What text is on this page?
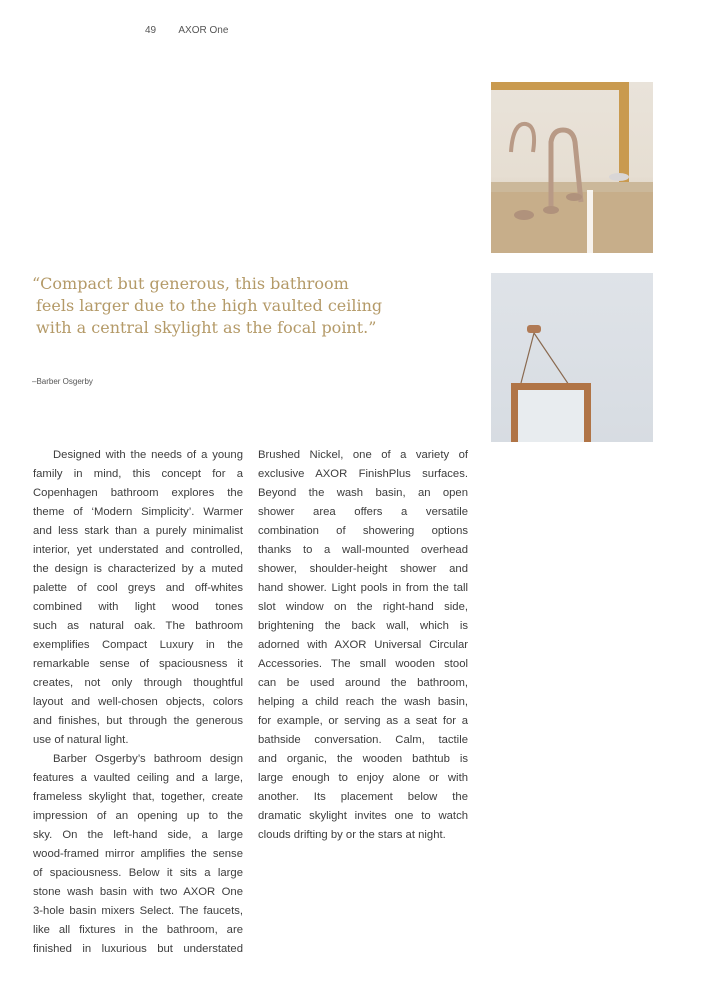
49 AXOR One
“Compact but generous, this bathroom
feels larger due to the high vaulted ceiling
with a central skylight as the focal point.”
–Barber Osgerby
Designed with the needs of a young
family in mind, this concept for a
Copenhagen bathroom explores the
theme of ‘Modern Simplicity’. Warmer
and less stark than a purely minimalist
interior, yet understated and controlled,
the design is characterized by a muted
palette of cool greys and off-whites
combined with light wood tones
such as natural oak. The bathroom
exemplifies Compact Luxury in the
remarkable sense of spaciousness it
creates, not only through thoughtful
layout and well-chosen objects, colors
and finishes, but through the generous
use of natural light.
Barber Osgerby’s bathroom design
features a vaulted ceiling and a large,
frameless skylight that, together, create
impression of an opening up to the
sky. On the left-hand side, a large
wood-framed mirror amplifies the sense
of spaciousness. Below it sits a large
stone wash basin with two AXOR One
3-hole basin mixers Select. The faucets,
like all fixtures in the bathroom, are
finished in luxurious but understated
Brushed Nickel, one of a variety of
exclusive AXOR FinishPlus surfaces.
Beyond the wash basin, an open
shower area offers a versatile
combination of showering options
thanks to a wall-mounted overhead
shower, shoulder-height shower and
hand shower. Light pools in from the tall
slot window on the right-hand side,
brightening the back wall, which is
adorned with AXOR Universal Circular
Accessories. The small wooden stool
can be used around the bathroom,
helping a child reach the wash basin,
for example, or serving as a seat for a
bathside conversation. Calm, tactile
and organic, the wooden bathtub is
large enough to enjoy alone or with
another. Its placement below the
dramatic skylight invites one to watch
clouds drifting by or the stars at night.
